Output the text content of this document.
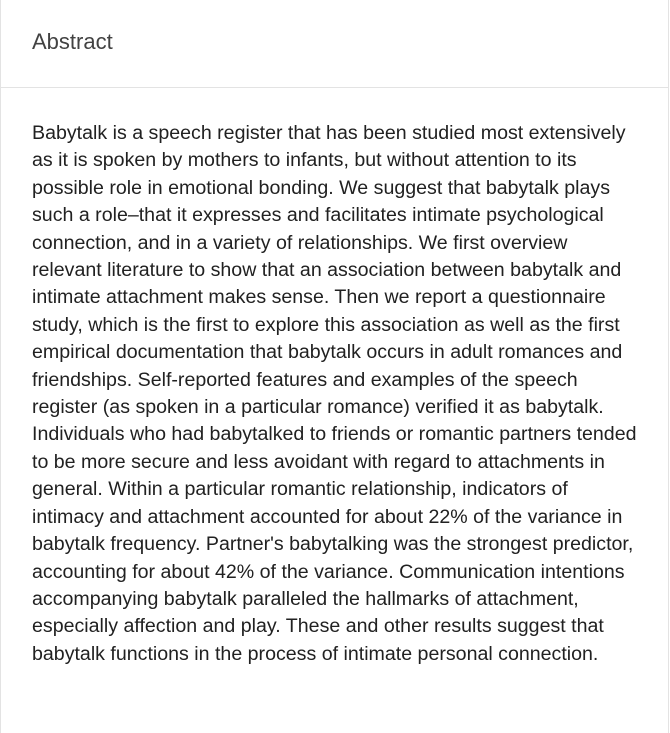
Abstract

Babytalk is a speech register that has been studied most extensively as it is spoken by mothers to infants, but without attention to its possible role in emotional bonding. We suggest that babytalk plays such a role–that it expresses and facilitates intimate psychological connection, and in a variety of relationships. We first overview relevant literature to show that an association between babytalk and intimate attachment makes sense. Then we report a questionnaire study, which is the first to explore this association as well as the first empirical documentation that babytalk occurs in adult romances and friendships. Self-reported features and examples of the speech register (as spoken in a particular romance) verified it as babytalk. Individuals who had babytalked to friends or romantic partners tended to be more secure and less avoidant with regard to attachments in general. Within a particular romantic relationship, indicators of intimacy and attachment accounted for about 22% of the variance in babytalk frequency. Partner's babytalking was the strongest predictor, accounting for about 42% of the variance. Communication intentions accompanying babytalk paralleled the hallmarks of attachment, especially affection and play. These and other results suggest that babytalk functions in the process of intimate personal connection.
